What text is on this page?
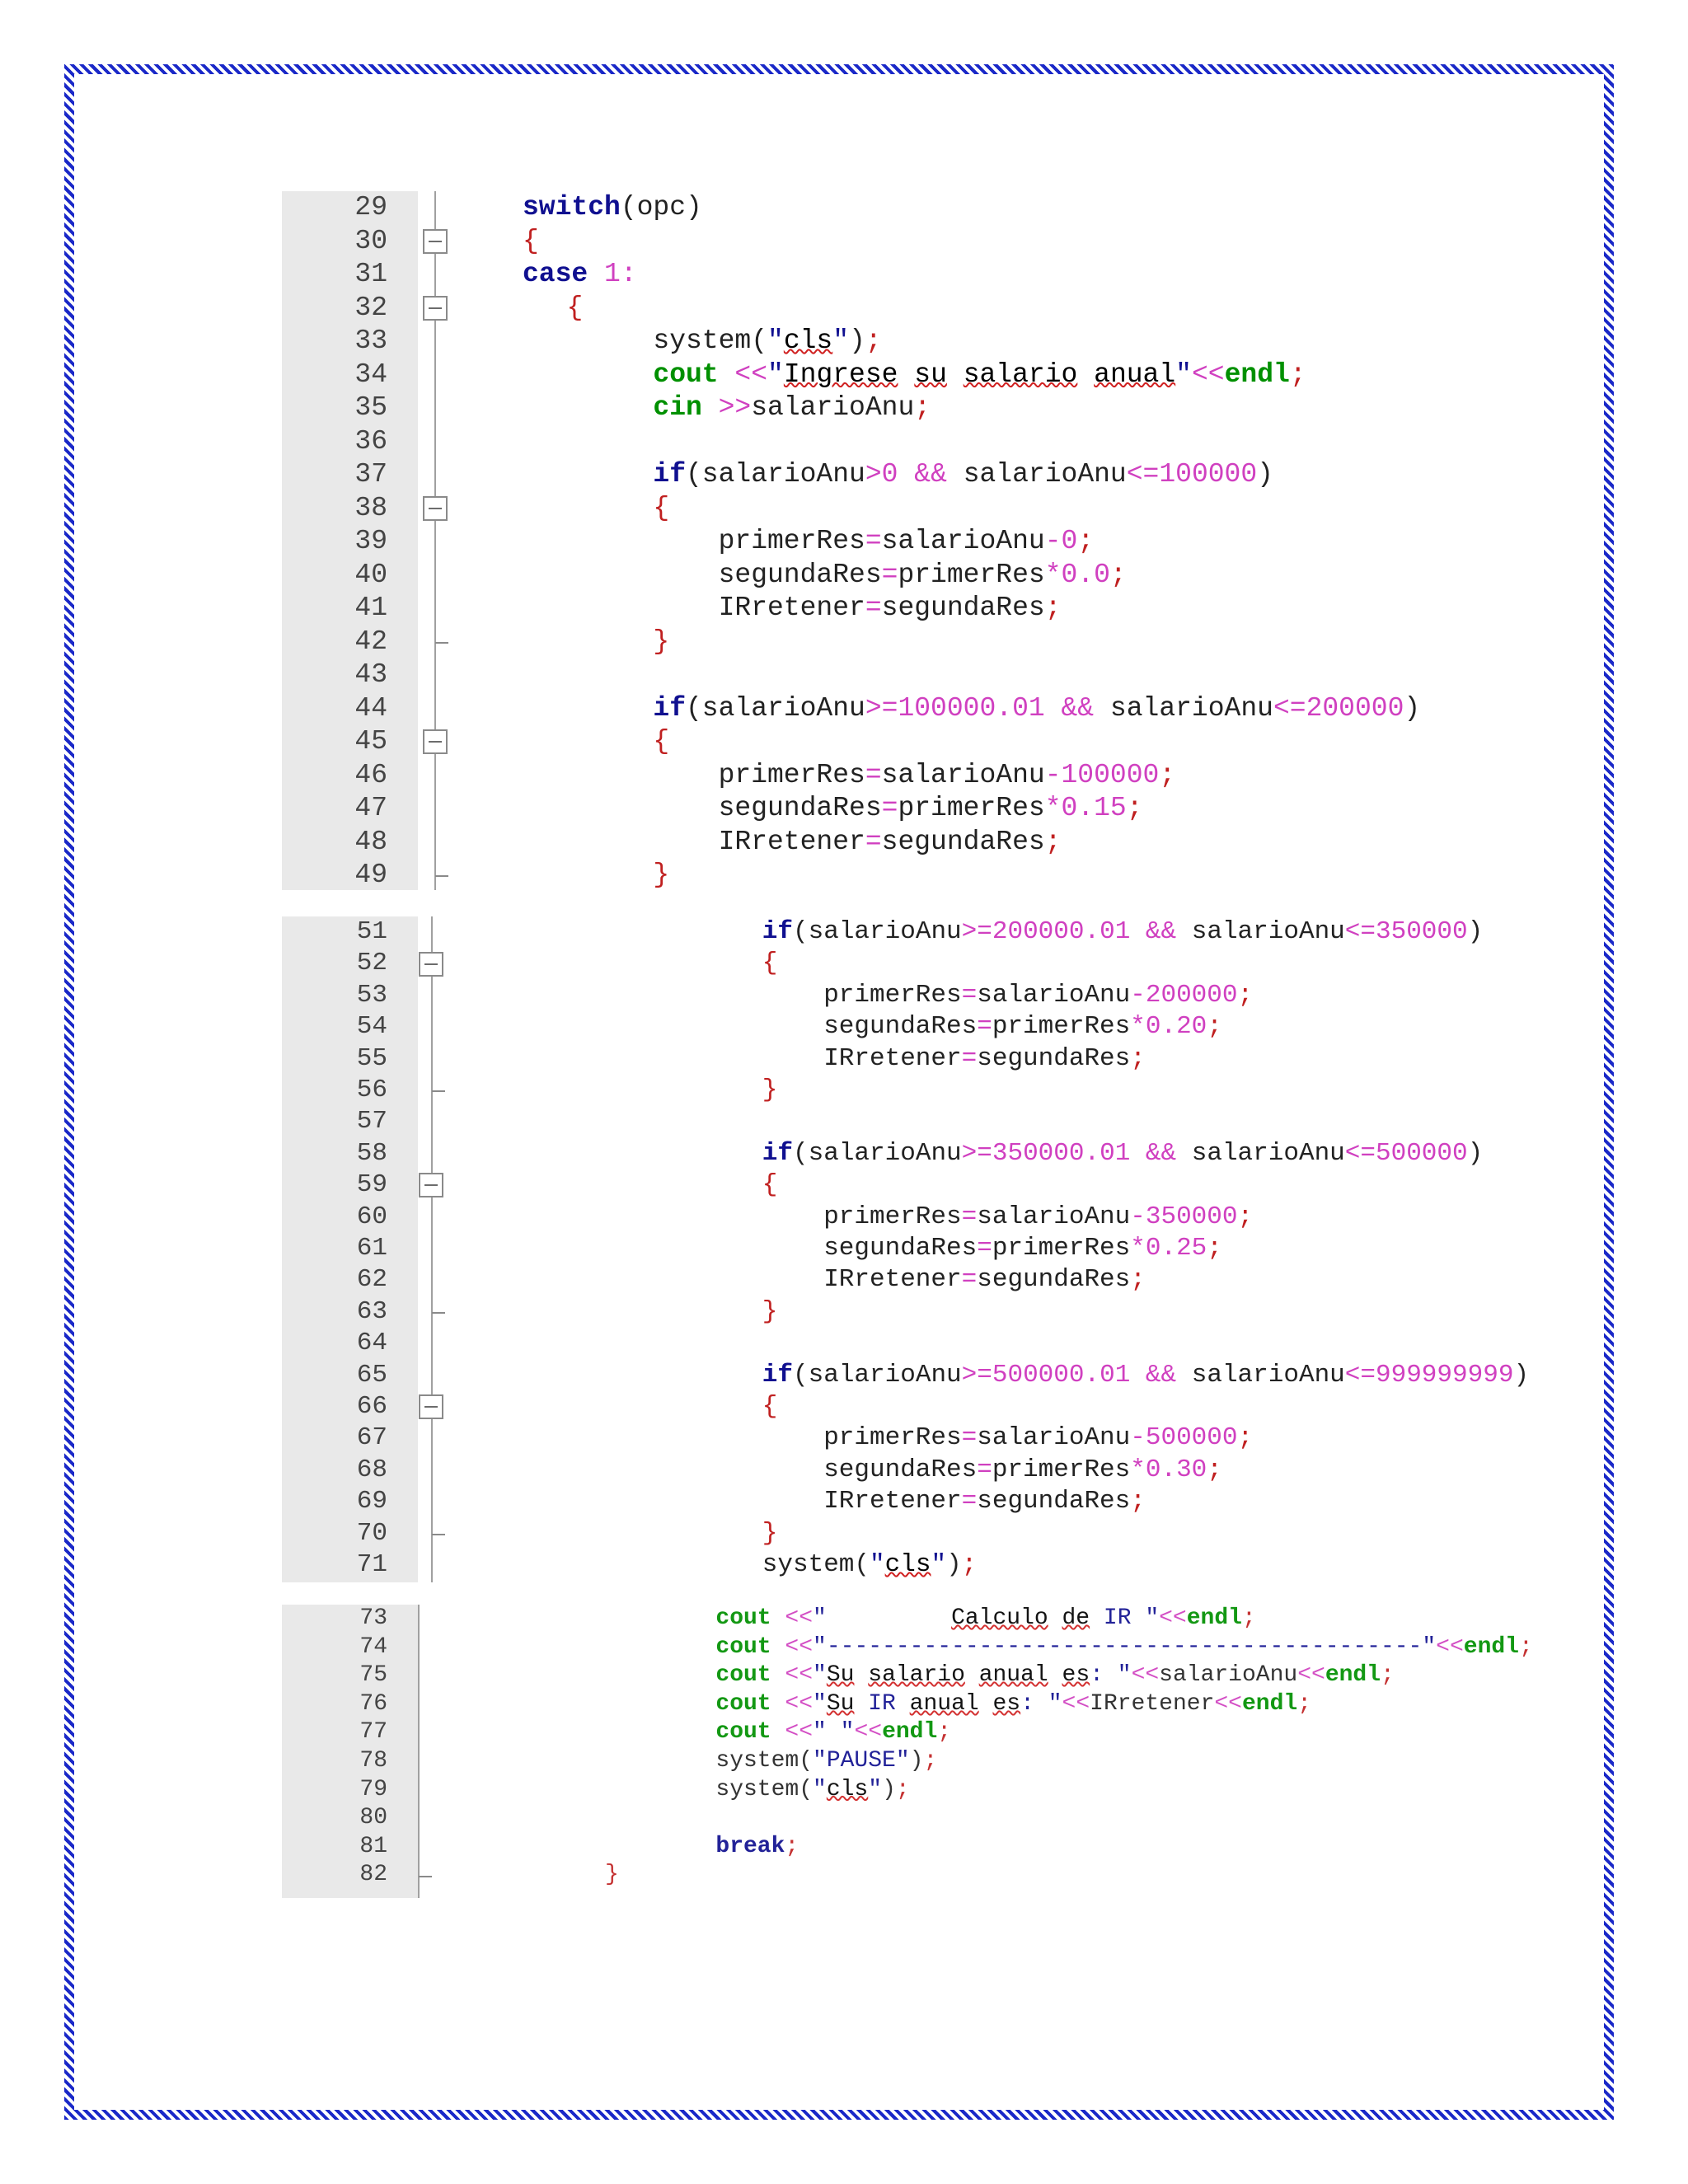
29	switch(opc)
30	{
31	case 1:
32	{
33	system("cls");
34	cout <<"Ingrese su salario anual"<<endl;
35	cin >>salarioAnu;
36
37	if(salarioAnu>0 && salarioAnu<=100000)
38	{
39	primerRes=salarioAnu-0;
40	segundaRes=primerRes*0.0;
41	IRretener=segundaRes;
42	}
43
44	if(salarioAnu>=100000.01 && salarioAnu<=200000)
45	{
46	primerRes=salarioAnu-100000;
47	segundaRes=primerRes*0.15;
48	IRretener=segundaRes;
49	}
51	if(salarioAnu>=200000.01 && salarioAnu<=350000)
52	{
53	primerRes=salarioAnu-200000;
54	segundaRes=primerRes*0.20;
55	IRretener=segundaRes;
56	}
57
58	if(salarioAnu>=350000.01 && salarioAnu<=500000)
59	{
60	primerRes=salarioAnu-350000;
61	segundaRes=primerRes*0.25;
62	IRretener=segundaRes;
63	}
64
65	if(salarioAnu>=500000.01 && salarioAnu<=999999999)
66	{
67	primerRes=salarioAnu-500000;
68	segundaRes=primerRes*0.30;
69	IRretener=segundaRes;
70	}
71	system("cls");
73	cout <<"         Calculo de IR "<<endl;
74	cout <<"-------------------------------------------"<<endl;
75	cout <<"Su salario anual es: "<<salarioAnu<<endl;
76	cout <<"Su IR anual es: "<<IRretener<<endl;
77	cout <<" "<<endl;
78	system("PAUSE");
79	system("cls");
80
81	break;
82	}
